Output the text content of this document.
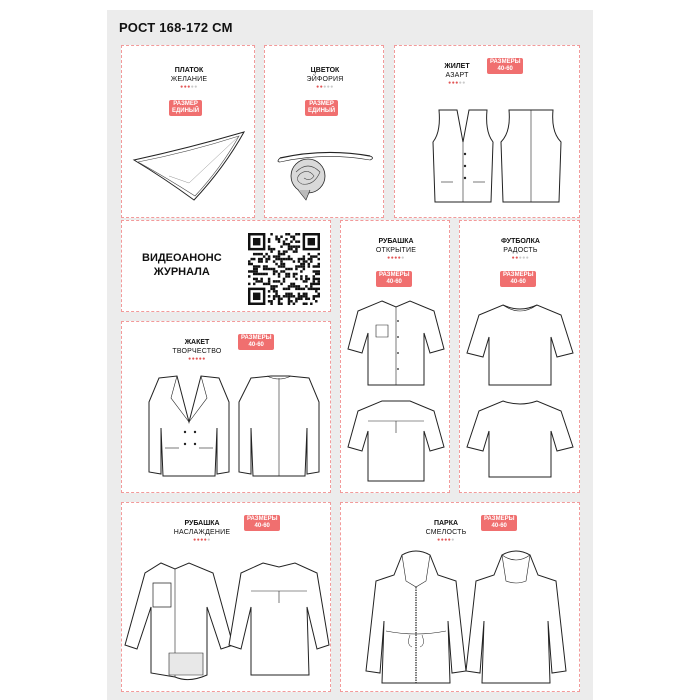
РОСТ 168-172 СМ
ПЛАТОК
ЖЕЛАНИЕ
●●●●●
РАЗМЕР
ЕДИНЫЙ
ЦВЕТОК
ЭЙФОРИЯ
●●●●●
РАЗМЕР
ЕДИНЫЙ
ЖИЛЕТ
АЗАРТ
●●●●●
РАЗМЕРЫ
40-60
ВИДЕОАНОНС
ЖУРНАЛА
РУБАШКА
ОТКРЫТИЕ
●●●●●
РАЗМЕРЫ
40-60
ФУТБОЛКА
РАДОСТЬ
●●●●●
РАЗМЕРЫ
40-60
ЖАКЕТ
ТВОРЧЕСТВО
●●●●●
РАЗМЕРЫ
40-60
РУБАШКА
НАСЛАЖДЕНИЕ
●●●●●
РАЗМЕРЫ
40-60	ПАРКА
СМЕЛОСТЬ
●●●●●
РАЗМЕРЫ
40-60
